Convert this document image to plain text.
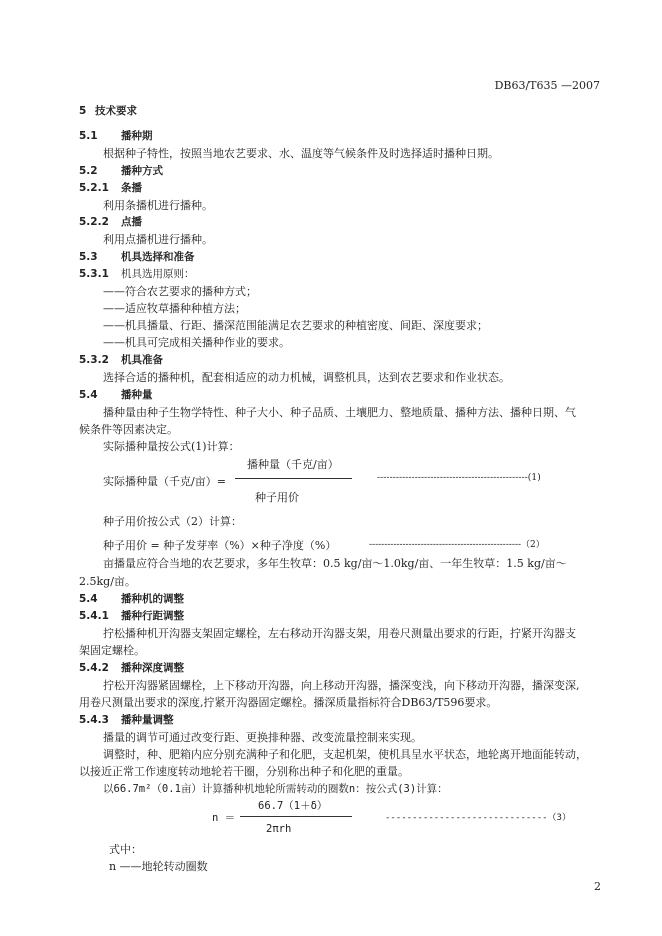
DB63/T635 —2007
5 技术要求
5.1 播种期
根据种子特性，按照当地农艺要求、水、温度等气候条件及时选择适时播种日期。
5.2 播种方式
5.2.1 条播
利用条播机进行播种。
5.2.2 点播
利用点播机进行播种。
5.3 机具选择和准备
5.3.1 机具选用原则：
——符合农艺要求的播种方式；
——适应牧草播种种植方法；
——机具播量、行距、播深范围能满足农艺要求的种植密度、间距、深度要求；
——机具可完成相关播种作业的要求。
5.3.2 机具准备
选择合适的播种机，配套相适应的动力机械，调整机具，达到农艺要求和作业状态。
5.4 播种量
播种量由种子生物学特性、种子大小、种子品质、土壤肥力、整地质量、播种方法、播种日期、气
候条件等因素决定。
实际播种量按公式(1)计算：
播种量（千克/亩）
实际播种量（千克/亩）=	------------------------------------------------(1)
种子用价
种子用价按公式（2）计算：
种子用价 = 种子发芽率（%）×种子净度（%）	--------------------------------------------------（2）
亩播量应符合当地的农艺要求，多年生牧草：0.5 kg/亩～1.0kg/亩、一年生牧草：1.5 kg/亩～
2.5kg/亩。
5.4 播种机的调整
5.4.1 播种行距调整
拧松播种机开沟器支架固定螺栓，左右移动开沟器支架，用卷尺测量出要求的行距，拧紧开沟器支
架固定螺栓。
5.4.2 播种深度调整
拧松开沟器紧固螺栓，上下移动开沟器，向上移动开沟器，播深变浅，向下移动开沟器，播深变深,
用卷尺测量出要求的深度,拧紧开沟器固定螺栓。播深质量指标符合DB63/T596要求。
5.4.3 播种量调整
播量的调节可通过改变行距、更换排种器、改变流量控制来实现。
调整时，种、肥箱内应分别充满种子和化肥，支起机架，使机具呈水平状态，地轮离开地面能转动，
以接近正常工作速度转动地轮若干圈，分别称出种子和化肥的重量。
以66.7m²（0.1亩）计算播种机地轮所需转动的圈数n：按公式(3)计算：
66.7（1＋δ）
n ＝	------------------------------（3）
2πrh
式中：
n ——地轮转动圈数
2
